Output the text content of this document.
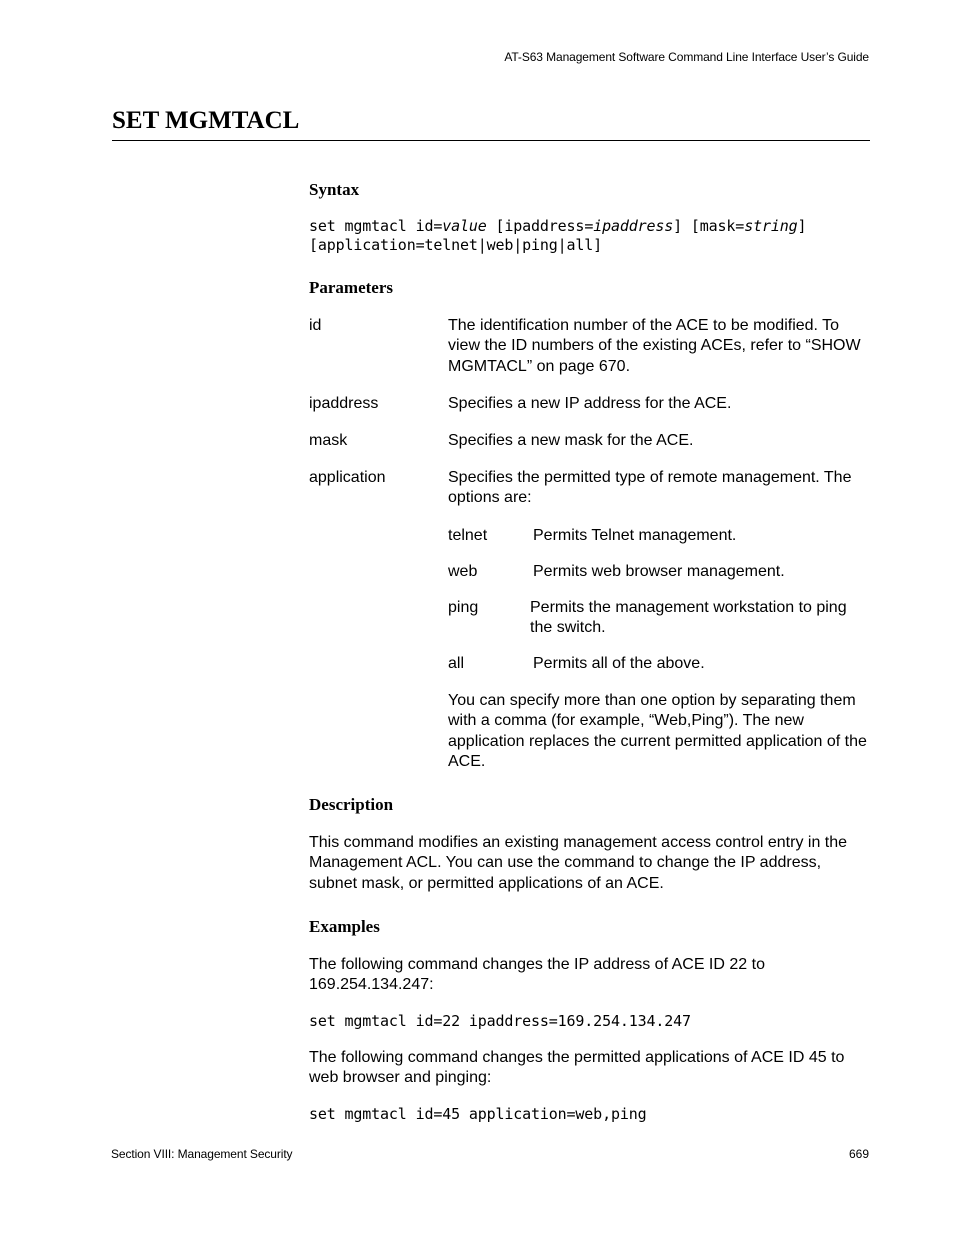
AT-S63 Management Software Command Line Interface User’s Guide
SET MGMTACL
Syntax
set mgmtacl id=value [ipaddress=ipaddress] [mask=string]
[application=telnet|web|ping|all]
Parameters
id	The identification number of the ACE to be modified. To view the ID numbers of the existing ACEs, refer to “SHOW MGMTACL” on page 670.
ipaddress	Specifies a new IP address for the ACE.
mask	Specifies a new mask for the ACE.
application	Specifies the permitted type of remote management. The options are:
telnet	Permits Telnet management.
web	Permits web browser management.
ping	Permits the management workstation to ping the switch.
all	Permits all of the above.
You can specify more than one option by separating them with a comma (for example, “Web,Ping”). The new application replaces the current permitted application of the ACE.
Description
This command modifies an existing management access control entry in the Management ACL. You can use the command to change the IP address, subnet mask, or permitted applications of an ACE.
Examples
The following command changes the IP address of ACE ID 22 to 169.254.134.247:
set mgmtacl id=22 ipaddress=169.254.134.247
The following command changes the permitted applications of ACE ID 45 to web browser and pinging:
set mgmtacl id=45 application=web,ping
Section VIII: Management Security	669
